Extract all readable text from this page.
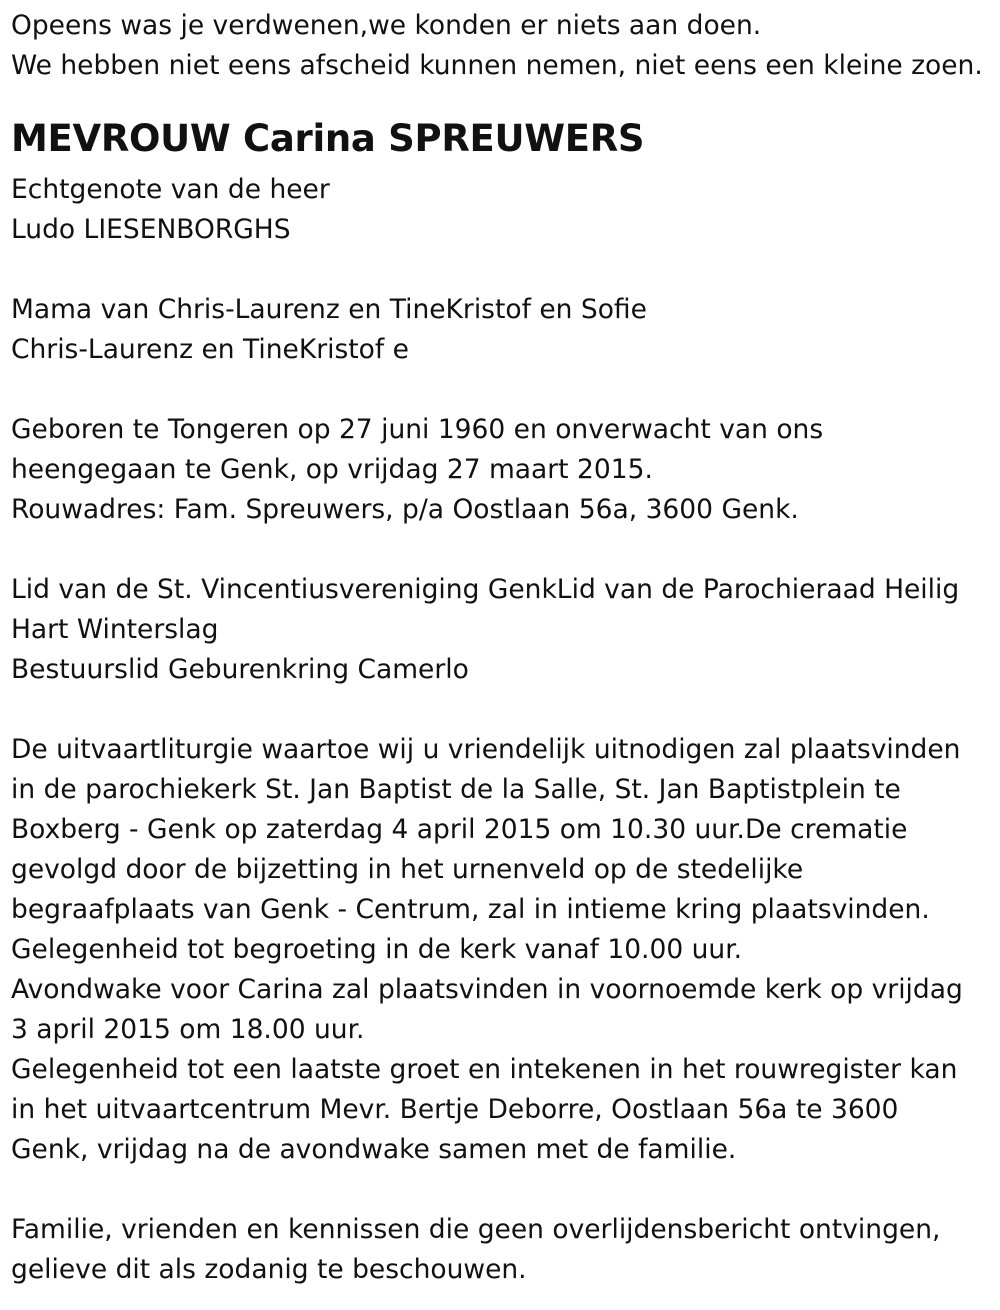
Opeens was je verdwenen,we konden er niets aan doen.
We hebben niet eens afscheid kunnen nemen, niet eens een kleine zoen.
MEVROUW Carina SPREUWERS
Echtgenote van de heer
Ludo LIESENBORGHS
Mama van Chris-Laurenz en TineKristof en Sofie
Chris-Laurenz en TineKristof e
Geboren te Tongeren op 27 juni 1960 en onverwacht van ons
heengegaan te Genk, op vrijdag 27 maart 2015.
Rouwadres: Fam. Spreuwers, p/a Oostlaan 56a, 3600 Genk.
Lid van de St. Vincentiusvereniging GenkLid van de Parochieraad Heilig
Hart Winterslag
Bestuurslid Geburenkring Camerlo
De uitvaartliturgie waartoe wij u vriendelijk uitnodigen zal plaatsvinden
in de parochiekerk St. Jan Baptist de la Salle, St. Jan Baptistplein te
Boxberg - Genk op zaterdag 4 april 2015 om 10.30 uur.De crematie
gevolgd door de bijzetting in het urnenveld op de stedelijke
begraafplaats van Genk - Centrum, zal in intieme kring plaatsvinden.
Gelegenheid tot begroeting in de kerk vanaf 10.00 uur.
Avondwake voor Carina zal plaatsvinden in voornoemde kerk op vrijdag
3 april 2015 om 18.00 uur.
Gelegenheid tot een laatste groet en intekenen in het rouwregister kan
in het uitvaartcentrum Mevr. Bertje Deborre, Oostlaan 56a te 3600
Genk, vrijdag na de avondwake samen met de familie.
Familie, vrienden en kennissen die geen overlijdensbericht ontvingen,
gelieve dit als zodanig te beschouwen.
